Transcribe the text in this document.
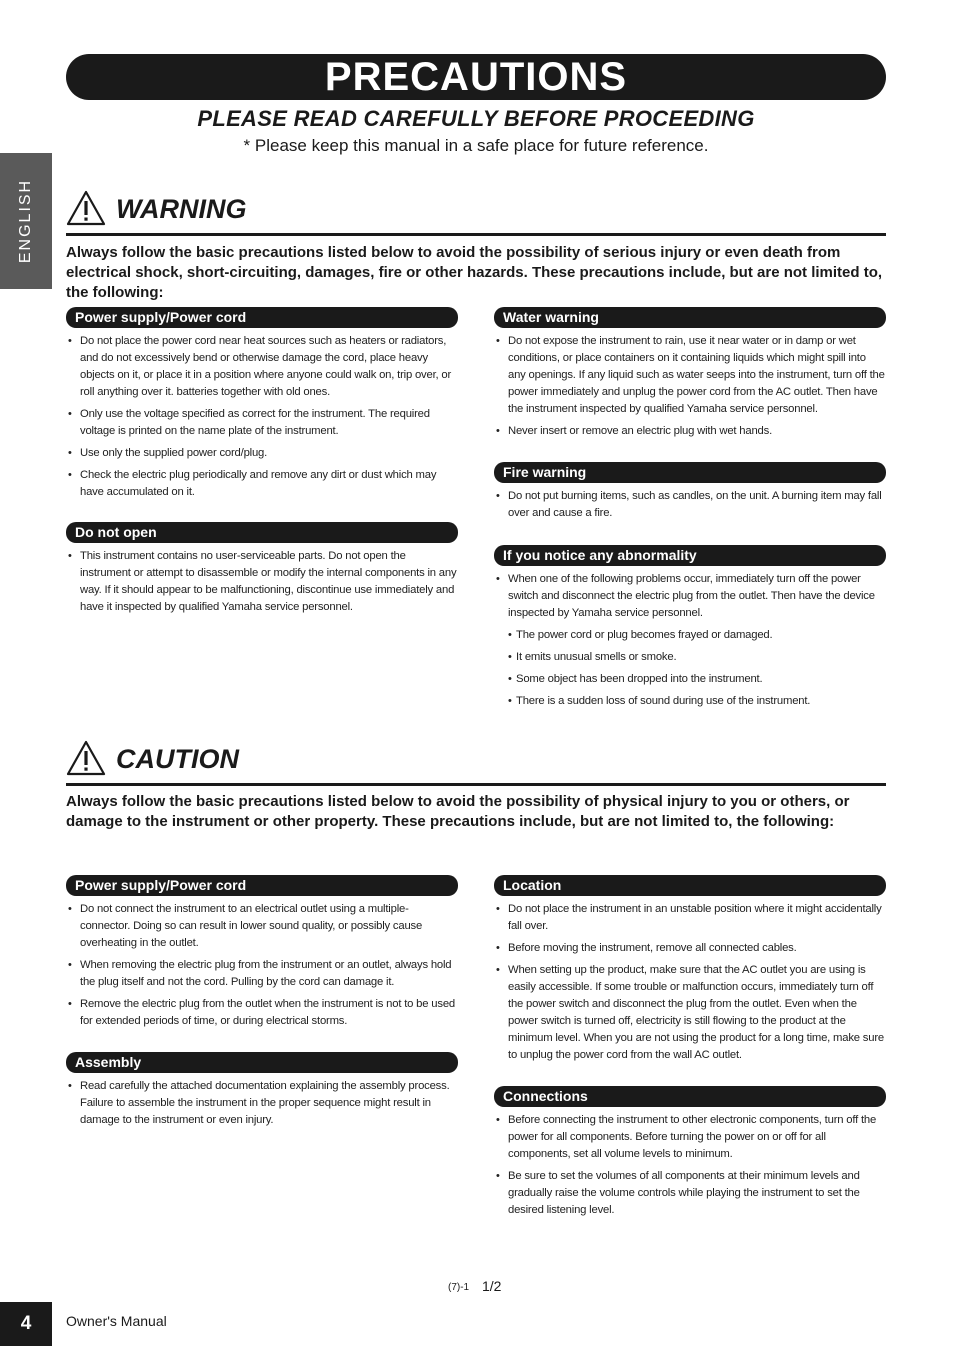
PRECAUTIONS
PLEASE READ CAREFULLY BEFORE PROCEEDING
* Please keep this manual in a safe place for future reference.
ENGLISH	WARNING
Always follow the basic precautions listed below to avoid the possibility of serious injury or even death from electrical shock, short-circuiting, damages, fire or other hazards. These precautions include, but are not limited to, the following:
Power supply/Power cord
• Do not place the power cord near heat sources such as heaters or radiators, and do not excessively bend or otherwise damage the cord, place heavy objects on it, or place it in a position where anyone could walk on, trip over, or roll anything over it. batteries together with old ones.
• Only use the voltage specified as correct for the instrument. The required voltage is printed on the name plate of the instrument.
• Use only the supplied power cord/plug.
• Check the electric plug periodically and remove any dirt or dust which may have accumulated on it.
Do not open
• This instrument contains no user-serviceable parts. Do not open the instrument or attempt to disassemble or modify the internal components in any way. If it should appear to be malfunctioning, discontinue use immediately and have it inspected by qualified Yamaha service personnel.
Water warning
• Do not expose the instrument to rain, use it near water or in damp or wet conditions, or place containers on it containing liquids which might spill into any openings. If any liquid such as water seeps into the instrument, turn off the power immediately and unplug the power cord from the AC outlet. Then have the instrument inspected by qualified Yamaha service personnel.
• Never insert or remove an electric plug with wet hands.
Fire warning
• Do not put burning items, such as candles, on the unit. A burning item may fall over and cause a fire.
If you notice any abnormality
• When one of the following problems occur, immediately turn off the power switch and disconnect the electric plug from the outlet. Then have the device inspected by Yamaha service personnel.
• The power cord or plug becomes frayed or damaged.
• It emits unusual smells or smoke.
• Some object has been dropped into the instrument.
• There is a sudden loss of sound during use of the instrument.
CAUTION
Always follow the basic precautions listed below to avoid the possibility of physical injury to you or others, or damage to the instrument or other property. These precautions include, but are not limited to, the following:
Power supply/Power cord
• Do not connect the instrument to an electrical outlet using a multiple-connector. Doing so can result in lower sound quality, or possibly cause overheating in the outlet.
• When removing the electric plug from the instrument or an outlet, always hold the plug itself and not the cord. Pulling by the cord can damage it.
• Remove the electric plug from the outlet when the instrument is not to be used for extended periods of time, or during electrical storms.
Assembly
• Read carefully the attached documentation explaining the assembly process. Failure to assemble the instrument in the proper sequence might result in damage to the instrument or even injury.
Location
• Do not place the instrument in an unstable position where it might accidentally fall over.
• Before moving the instrument, remove all connected cables.
• When setting up the product, make sure that the AC outlet you are using is easily accessible. If some trouble or malfunction occurs, immediately turn off the power switch and disconnect the plug from the outlet. Even when the power switch is turned off, electricity is still flowing to the product at the minimum level. When you are not using the product for a long time, make sure to unplug the power cord from the wall AC outlet.
Connections
• Before connecting the instrument to other electronic components, turn off the power for all components. Before turning the power on or off for all components, set all volume levels to minimum.
• Be sure to set the volumes of all components at their minimum levels and gradually raise the volume controls while playing the instrument to set the desired listening level.
(7)-1 1/2
4	Owner's Manual
